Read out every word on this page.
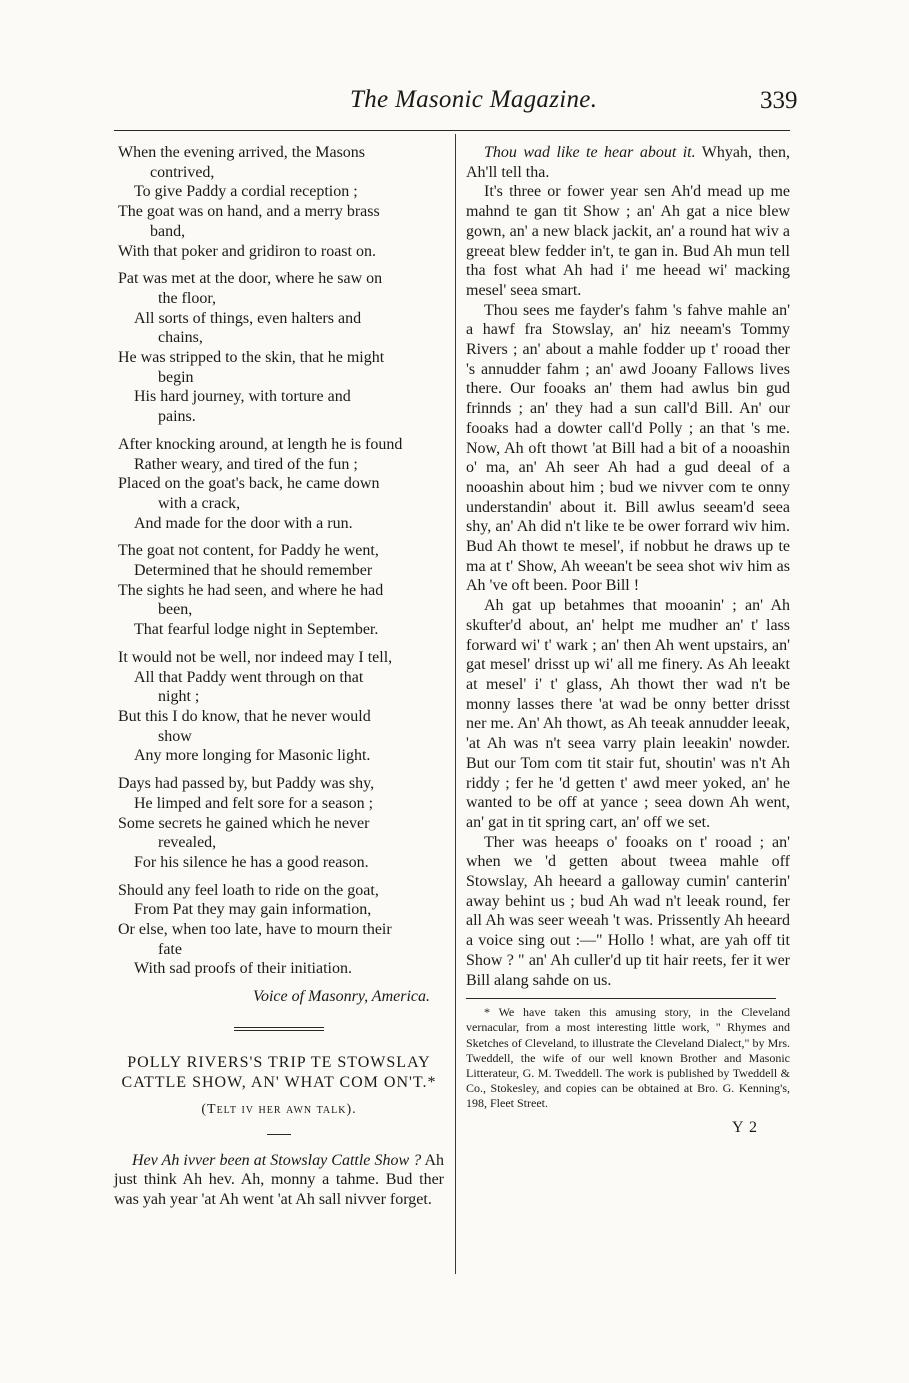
The Masonic Magazine.	339
When the evening arrived, the Masons
contrived,
To give Paddy a cordial reception ;
The goat was on hand, and a merry brass
band,
With that poker and gridiron to roast on.
Pat was met at the door, where he saw on
the floor,
All sorts of things, even halters and
chains,
He was stripped to the skin, that he might
begin
His hard journey, with torture and
pains.
After knocking around, at length he is found
Rather weary, and tired of the fun ;
Placed on the goat's back, he came down
with a crack,
And made for the door with a run.
The goat not content, for Paddy he went,
Determined that he should remember
The sights he had seen, and where he had
been,
That fearful lodge night in September.
It would not be well, nor indeed may I tell,
All that Paddy went through on that
night ;
But this I do know, that he never would
show
Any more longing for Masonic light.
Days had passed by, but Paddy was shy,
He limped and felt sore for a season ;
Some secrets he gained which he never
revealed,
For his silence he has a good reason.
Should any feel loath to ride on the goat,
From Pat they may gain information,
Or else, when too late, have to mourn their
fate
With sad proofs of their initiation.
Voice of Masonry, America.
POLLY RIVERS'S TRIP TE STOWSLAY CATTLE SHOW, AN' WHAT COM ON'T.*
(Telt iv her awn talk).

Hev Ah ivver been at Stowslay Cattle Show ? Ah just think Ah hev. Ah, monny a tahme. Bud ther was yah year 'at Ah went 'at Ah sall nivver forget.

Thou wad like te hear about it. Whyah, then, Ah'll tell tha.

It's three or fower year sen Ah'd mead up me mahnd te gan tit Show ; an' Ah gat a nice blew gown, an' a new black jackit, an' a round hat wiv a greeat blew fedder in't, te gan in. Bud Ah mun tell tha fost what Ah had i' me heead wi' macking mesel' seea smart.

Thou sees me fayder's fahm 's fahve mahle an' a hawf fra Stowslay, an' hiz neeam's Tommy Rivers ; an' about a mahle fodder up t' rooad ther 's annudder fahm ; an' awd Jooany Fallows lives there. Our fooaks an' them had awlus bin gud frinnds ; an' they had a sun call'd Bill. An' our fooaks had a dowter call'd Polly ; an that 's me. Now, Ah oft thowt 'at Bill had a bit of a nooashin o' ma, an' Ah seer Ah had a gud deeal of a nooashin about him ; bud we nivver com te onny understandin' about it. Bill awlus seeam'd seea shy, an' Ah did n't like te be ower forrard wiv him. Bud Ah thowt te mesel', if nobbut he draws up te ma at t' Show, Ah weean't be seea shot wiv him as Ah 've oft been. Poor Bill !

Ah gat up betahmes that mooanin' ; an' Ah skufter'd about, an' helpt me mudher an' t' lass forward wi' t' wark ; an' then Ah went upstairs, an' gat mesel' drisst up wi' all me finery. As Ah leeakt at mesel' i' t' glass, Ah thowt ther wad n't be monny lasses there 'at wad be onny better drisst ner me. An' Ah thowt, as Ah teeak annudder leeak, 'at Ah was n't seea varry plain leeakin' nowder. But our Tom com tit stair fut, shoutin' was n't Ah riddy ; fer he 'd getten t' awd meer yoked, an' he wanted to be off at yance ; seea down Ah went, an' gat in tit spring cart, an' off we set.

Ther was heeaps o' fooaks on t' rooad ; an' when we 'd getten about tweea mahle off Stowslay, Ah heeard a galloway cumin' canterin' away behint us ; bud Ah wad n't leeak round, fer all Ah was seer weeah 't was. Prissently Ah heeard a voice sing out :—" Hollo ! what, are yah off tit Show ? " an' Ah culler'd up tit hair reets, fer it wer Bill alang sahde on us.

* We have taken this amusing story, in the Cleveland vernacular, from a most interesting little work, " Rhymes and Sketches of Cleveland, to illustrate the Cleveland Dialect," by Mrs. Tweddell, the wife of our well known Brother and Masonic Litterateur, G. M. Tweddell. The work is published by Tweddell & Co., Stokesley, and copies can be obtained at Bro. G. Kenning's, 198, Fleet Street.

Y 2
